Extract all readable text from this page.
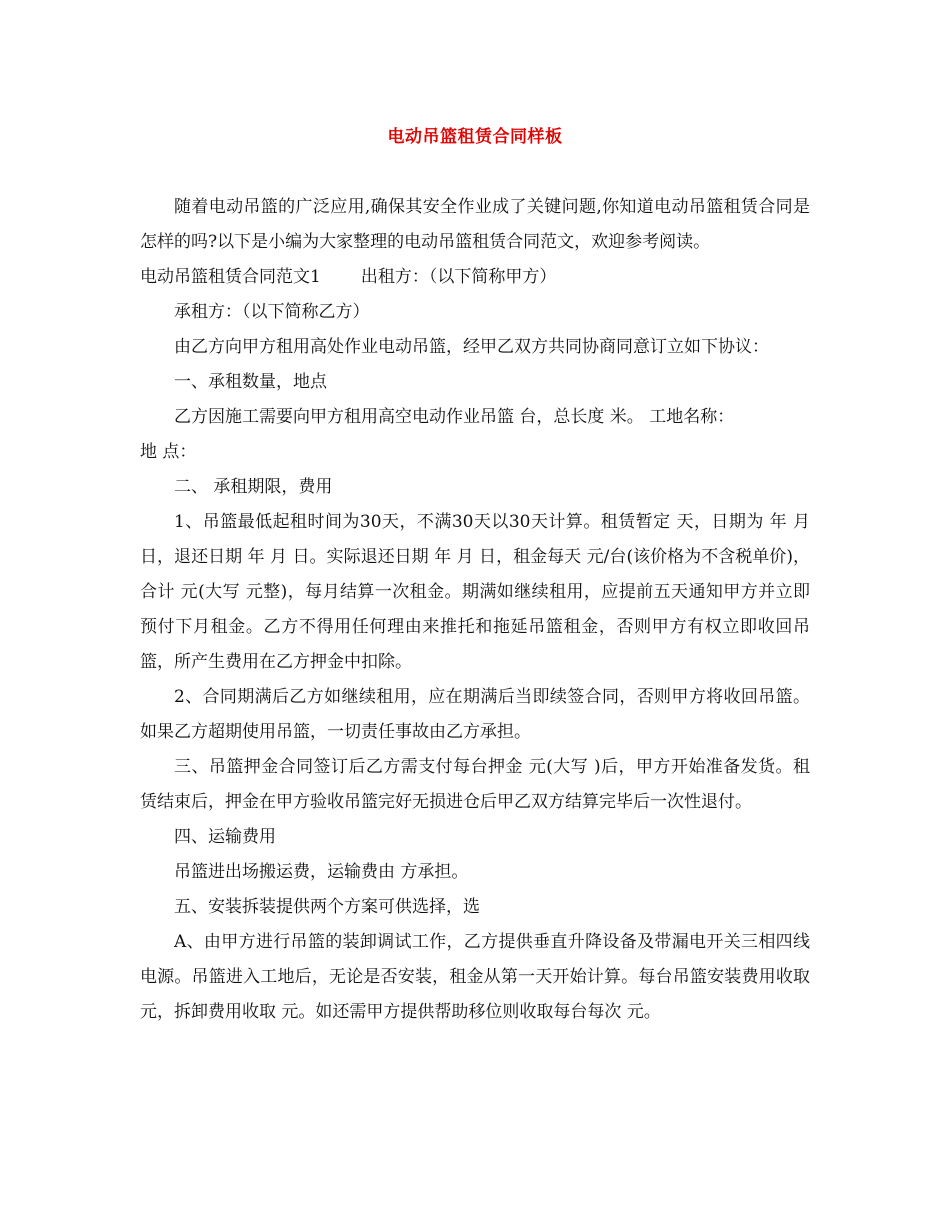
电动吊篮租赁合同样板

随着电动吊篮的广泛应用,确保其安全作业成了关键问题,你知道电动吊篮租赁合同是怎样的吗?以下是小编为大家整理的电动吊篮租赁合同范文，欢迎参考阅读。

电动吊篮租赁合同范文1 出租方：（以下简称甲方）

承租方：（以下简称乙方）

由乙方向甲方租用高处作业电动吊篮，经甲乙双方共同协商同意订立如下协议：

一、承租数量，地点

乙方因施工需要向甲方租用高空电动作业吊篮 台，总长度 米。 工地名称：

地 点：

二、 承租期限，费用

1、吊篮最低起租时间为30天，不满30天以30天计算。租赁暂定 天，日期为 年 月 日，退还日期 年 月 日。实际退还日期 年 月 日，租金每天 元/台(该价格为不含税单价)，合计 元(大写 元整)，每月结算一次租金。期满如继续租用，应提前五天通知甲方并立即预付下月租金。乙方不得用任何理由来推托和拖延吊篮租金，否则甲方有权立即收回吊篮，所产生费用在乙方押金中扣除。

2、合同期满后乙方如继续租用，应在期满后当即续签合同，否则甲方将收回吊篮。如果乙方超期使用吊篮，一切责任事故由乙方承担。

三、吊篮押金合同签订后乙方需支付每台押金 元(大写 )后，甲方开始准备发货。租赁结束后，押金在甲方验收吊篮完好无损进仓后甲乙双方结算完毕后一次性退付。

四、运输费用

吊篮进出场搬运费，运输费由 方承担。

五、安装拆装提供两个方案可供选择，选

A、由甲方进行吊篮的装卸调试工作，乙方提供垂直升降设备及带漏电开关三相四线电源。吊篮进入工地后，无论是否安装，租金从第一天开始计算。每台吊篮安装费用收取 元，拆卸费用收取 元。如还需甲方提供帮助移位则收取每台每次 元。
